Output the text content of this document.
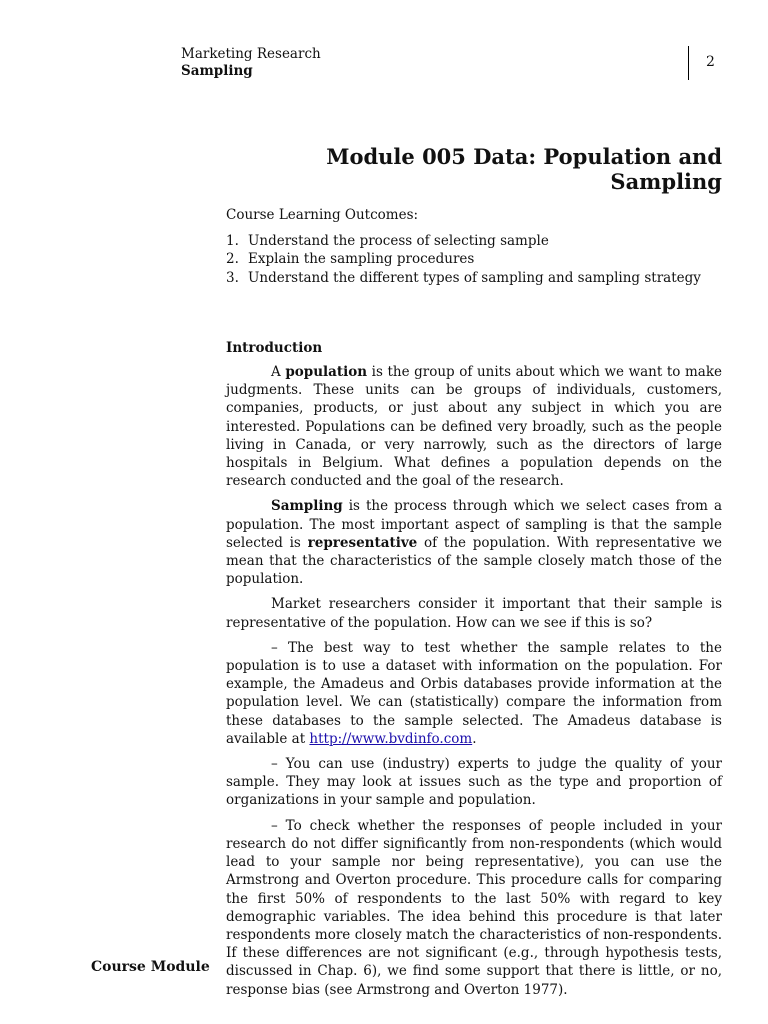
Marketing Research
Sampling
2
Module 005 Data: Population and Sampling

Course Learning Outcomes:

1. Understand the process of selecting sample
2. Explain the sampling procedures
3. Understand the different types of sampling and sampling strategy
Introduction

A population is the group of units about which we want to make judgments. These units can be groups of individuals, customers, companies, products, or just about any subject in which you are interested. Populations can be defined very broadly, such as the people living in Canada, or very narrowly, such as the directors of large hospitals in Belgium. What defines a population depends on the research conducted and the goal of the research.

Sampling is the process through which we select cases from a population. The most important aspect of sampling is that the sample selected is representative of the population. With representative we mean that the characteristics of the sample closely match those of the population.

Market researchers consider it important that their sample is representative of the population. How can we see if this is so?

– The best way to test whether the sample relates to the population is to use a dataset with information on the population. For example, the Amadeus and Orbis databases provide information at the population level. We can (statistically) compare the information from these databases to the sample selected. The Amadeus database is available at http://www.bvdinfo.com.

– You can use (industry) experts to judge the quality of your sample. They may look at issues such as the type and proportion of organizations in your sample and population.

– To check whether the responses of people included in your research do not differ significantly from non-respondents (which would lead to your sample nor being representative), you can use the Armstrong and Overton procedure. This procedure calls for comparing the first 50% of respondents to the last 50% with regard to key demographic variables. The idea behind this procedure is that later respondents more closely match the characteristics of non-respondents. If these differences are not significant (e.g., through hypothesis tests, discussed in Chap. 6), we find some support that there is little, or no, response bias (see Armstrong and Overton 1977).

Course Module
